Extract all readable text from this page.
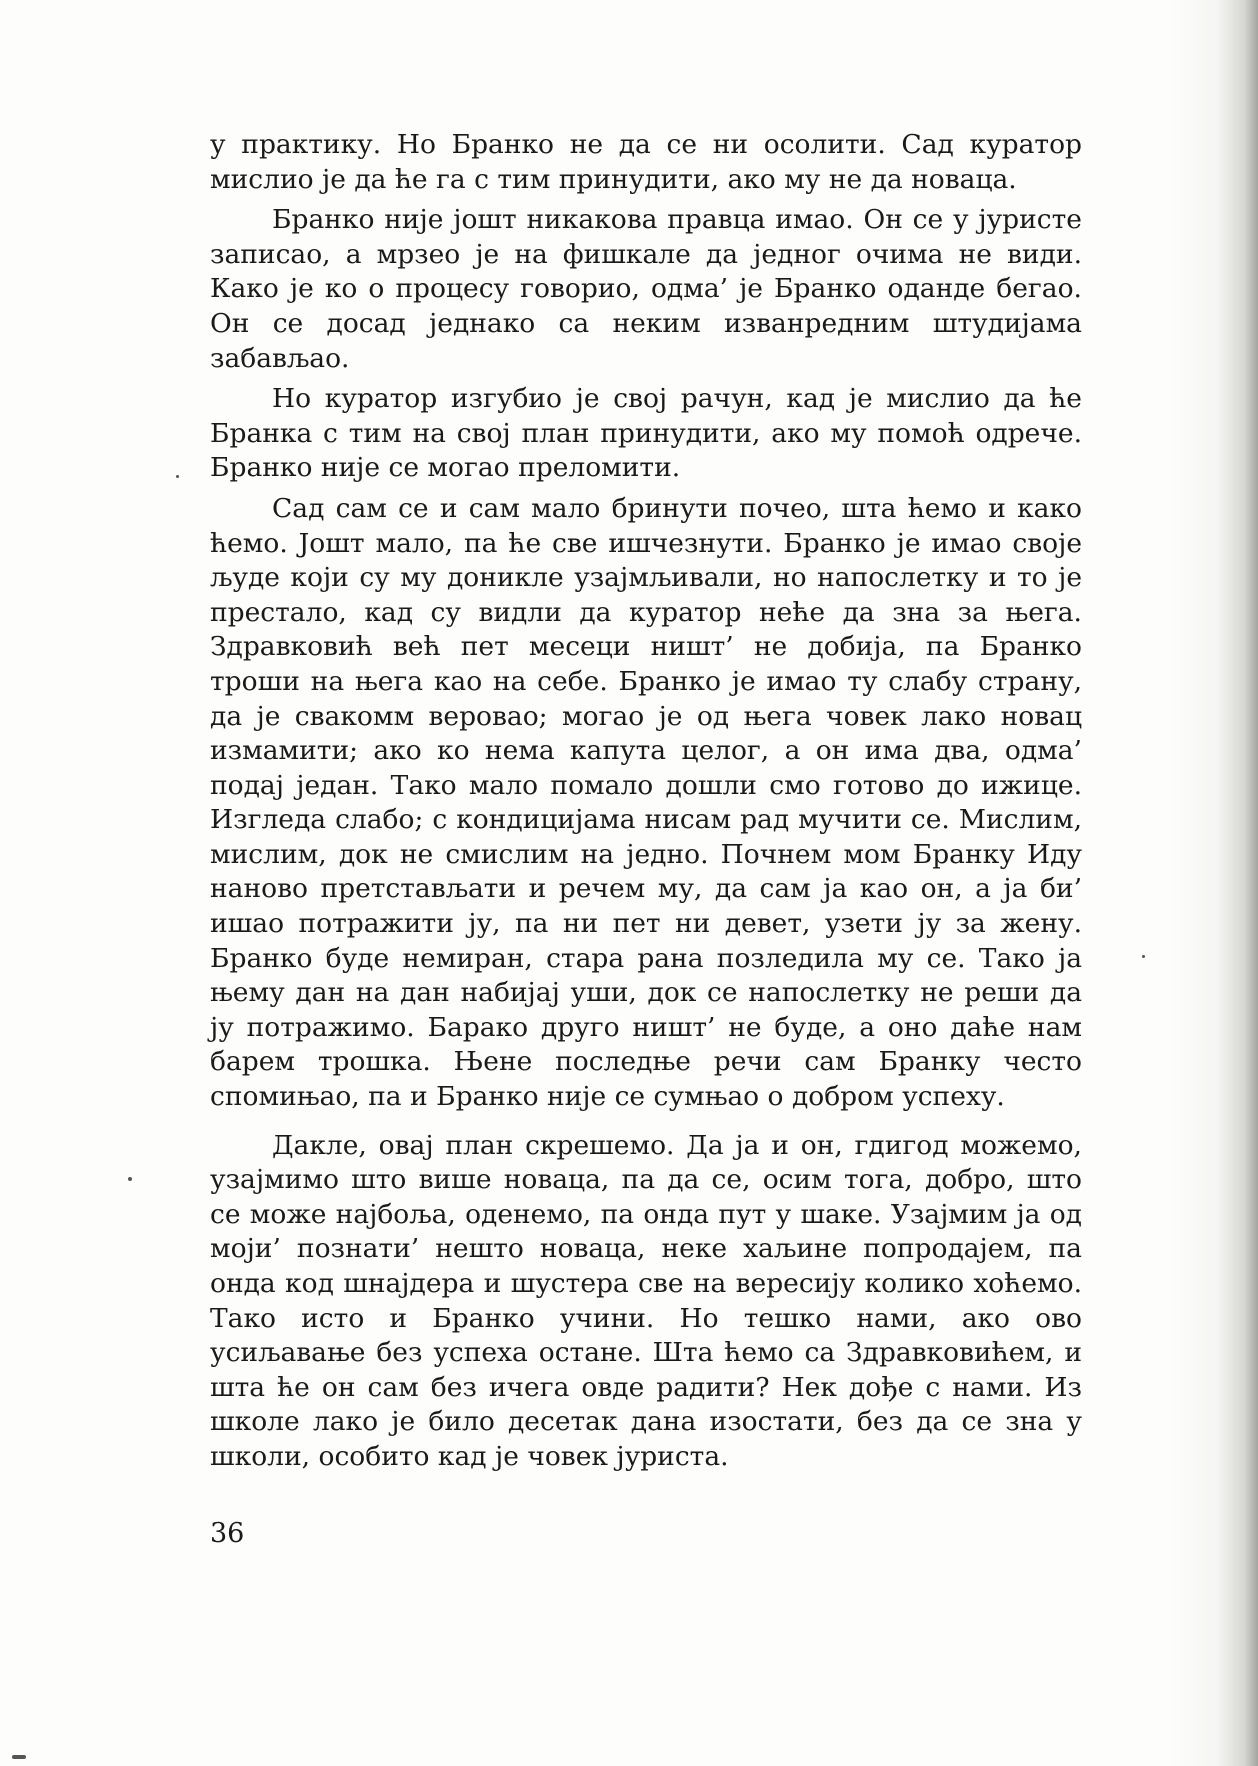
у практику. Но Бранко не да се ни осолити. Сад куратор мислио је да ће га с тим принудити, ако му не да новаца.

Бранко није јошт никакова правца имао. Он се у јуристе записао, а мрзео је на фишкале да једног очима не види. Како је ко о процесу говорио, одма’ је Бранко оданде бегао. Он се досад једнако са неким изванредним штудијама забављао.

Но куратор изгубио је свој рачун, кад је мислио да ће Бранка с тим на свој план принудити, ако му помоћ одрече. Бранко није се могао преломити.

Сад сам се и сам мало бринути почео, шта ћемо и како ћемо. Јошт мало, па ће све ишчезнути. Бранко је имао своје људе који су му доникле узајмљивали, но напослетку и то је престало, кад су видли да куратор неће да зна за њега. Здравковић већ пет месеци ништ’ не добија, па Бранко троши на њега као на себе. Бранко је имао ту слабу страну, да је свакомм веровао; могао је од њега човек лако новац измамити; ако ко нема капута целог, а он има два, одма’ подај један. Тако мало помало дошли смо готово до ижице. Изгледа слабо; с кондицијама нисам рад мучити се. Мислим, мислим, док не смислим на једно. Почнем мом Бранку Иду наново претстављати и речем му, да сам ја као он, а ја би’ ишао потражити ју, па ни пет ни девет, узети ју за жену. Бранко буде немиран, стара рана позледила му се. Тако ја њему дан на дан набијај уши, док се напослетку не реши да ју потражимо. Барако друго ништ’ не буде, а оно даће нам барем трошка. Њене последње речи сам Бранку често спомињао, па и Бранко није се сумњао о добром успеху.

Дакле, овај план скрешемо. Да ја и он, гдигод можемо, узајмимо што више новаца, па да се, осим тога, добро, што се може најбоља, оденемо, па онда пут у шаке. Узајмим ја од моји’ познати’ нешто новаца, неке хаљине попродајем, па онда код шнајдера и шустера све на вересију колико хоћемо. Тако исто и Бранко учини. Но тешко нами, ако ово усиљавање без успеха остане. Шта ћемо са Здравковићем, и шта ће он сам без ичега овде радити? Нек дође с нами. Из школе лако је било десетак дана изостати, без да се зна у школи, особито кад је човек јуриста.

36
